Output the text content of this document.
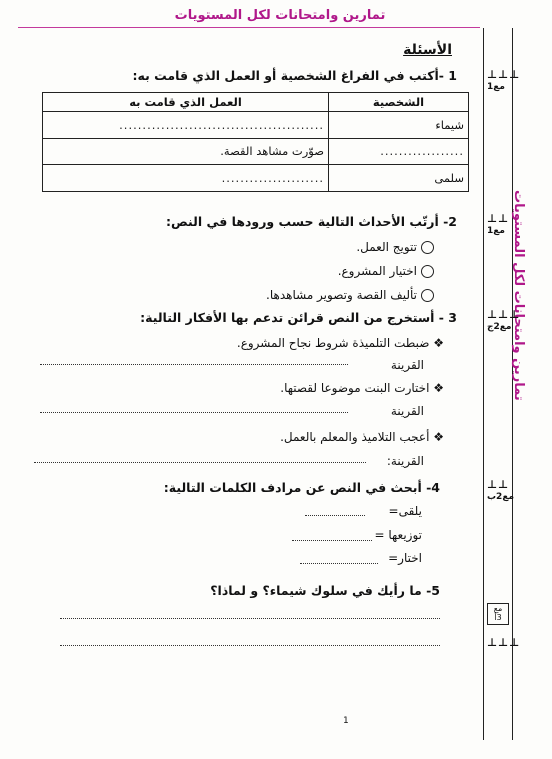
تمارين وامتحانات لكل المستويات
تمارين وامتحانات لكل المستويات
⊥⊥⊥
مع1
⊥⊥
مع1
⊥⊥⊥
مع2ج
⊥⊥
مع2ب
⊥⊥⊥
مع
3أ
الأسئلة
1 -أكتب في الفراغ الشخصية أو العمل الذي قامت به:
الشخصية	العمل الذي قامت به
شيماء	............................................
..................	صوّرت مشاهد القصة.
سلمى	......................
2- أرتّب الأحداث التالية حسب ورودها في النص:
تتويج العمل.
اختيار المشروع.
تأليف القصة وتصوير مشاهدها.
3 - أستخرج من النص قرائن تدعم بها الأفكار التالية:
❖ ضبطت التلميذة شروط نجاح المشروع.
القرينة
❖ اختارت البنت موضوعا لقصتها.
القرينة
❖ أعجب التلاميذ والمعلم بالعمل.
القرينة:
4- أبحث في النص عن مرادف الكلمات التالية:
يلقى=
توزيعها =
اختار=
5- ما رأيك في سلوك شيماء؟ و لماذا؟
1
